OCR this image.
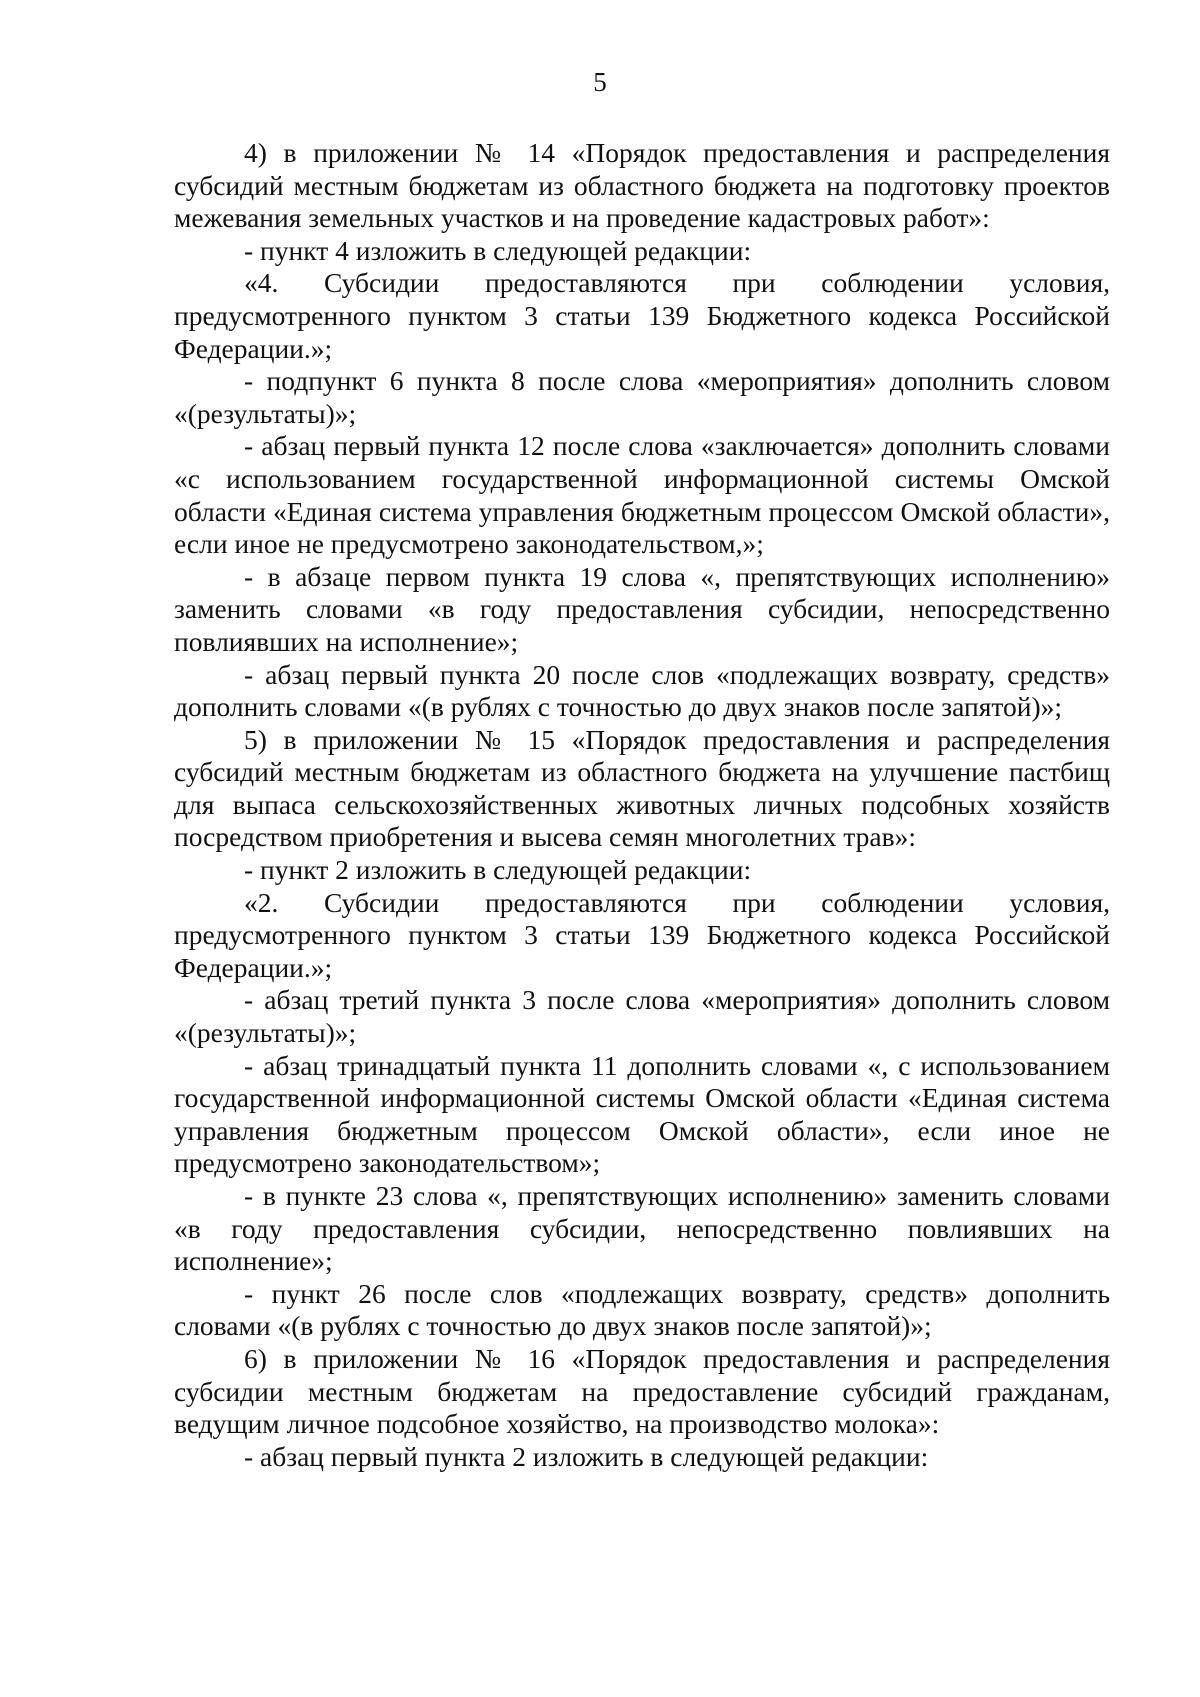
5

4) в приложении № 14 «Порядок предоставления и распределения субсидий местным бюджетам из областного бюджета на подготовку проектов межевания земельных участков и на проведение кадастровых работ»:

- пункт 4 изложить в следующей редакции:

«4. Субсидии предоставляются при соблюдении условия, предусмотренного пунктом 3 статьи 139 Бюджетного кодекса Российской Федерации.»;

- подпункт 6 пункта 8 после слова «мероприятия» дополнить словом «(результаты)»;

- абзац первый пункта 12 после слова «заключается» дополнить словами «с использованием государственной информационной системы Омской области «Единая система управления бюджетным процессом Омской области», если иное не предусмотрено законодательством,»;

- в абзаце первом пункта 19 слова «, препятствующих исполнению» заменить словами «в году предоставления субсидии, непосредственно повлиявших на исполнение»;

- абзац первый пункта 20 после слов «подлежащих возврату, средств» дополнить словами «(в рублях с точностью до двух знаков после запятой)»;

5) в приложении № 15 «Порядок предоставления и распределения субсидий местным бюджетам из областного бюджета на улучшение пастбищ для выпаса сельскохозяйственных животных личных подсобных хозяйств посредством приобретения и высева семян многолетних трав»:

- пункт 2 изложить в следующей редакции:

«2. Субсидии предоставляются при соблюдении условия, предусмотренного пунктом 3 статьи 139 Бюджетного кодекса Российской Федерации.»;

- абзац третий пункта 3 после слова «мероприятия» дополнить словом «(результаты)»;

- абзац тринадцатый пункта 11 дополнить словами «, с использованием государственной информационной системы Омской области «Единая система управления бюджетным процессом Омской области», если иное не предусмотрено законодательством»;

- в пункте 23 слова «, препятствующих исполнению» заменить словами «в году предоставления субсидии, непосредственно повлиявших на исполнение»;

- пункт 26 после слов «подлежащих возврату, средств» дополнить словами «(в рублях с точностью до двух знаков после запятой)»;

6) в приложении № 16 «Порядок предоставления и распределения субсидии местным бюджетам на предоставление субсидий гражданам, ведущим личное подсобное хозяйство, на производство молока»:

- абзац первый пункта 2 изложить в следующей редакции:
